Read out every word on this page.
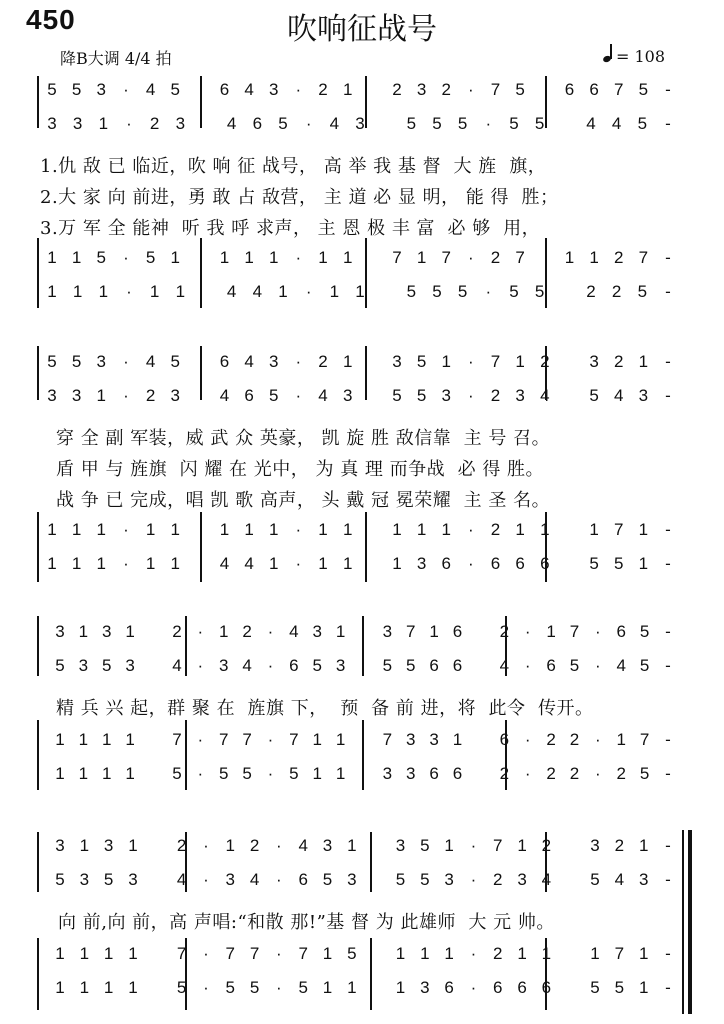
450	吹响征战号
降B大调 4/4 拍	= 108
5 5 3	·	4 5 6 4 3	·	2 1 2 3 2	·	7 5 6 6 7 5	-
3 3 1	·	2 3 4 6 5	·	4 3 5 5 5	·	5 5 4 4 5	-
1.仇 敌 已 临近，吹 响 征 战号， 高 举 我 基 督  大 旌  旗，
2.大 家 向 前进，勇 敢 占 敌营， 主 道 必 显 明， 能 得  胜；
3.万 军 全 能神  听 我 呼 求声， 主 恩 极 丰 富  必 够  用，
1 1 5	·	5 1 1 1 1	·	1 1 7 1 7	·	2 7 1 1 2 7	-
1 1 1	·	1 1 4 4 1	·	1 1 5 5 5	·	5 5 2 2 5	-
5 5 3	·	4 5 6 4 3	·	2 1 3 5 1	·	7 1 2 3 2 1	-
3 3 1	·	2 3 4 6 5	·	4 3 5 5 3	·	2 3 4 5 4 3	-
穿 全 副 军装，威 武 众 英豪， 凯 旋 胜 敌信靠  主 号 召。
盾 甲 与 旌旗  闪 耀 在 光中， 为 真 理 而争战  必 得 胜。
战 争 已 完成，唱 凯 歌 高声， 头 戴 冠 冕荣耀  主 圣 名。
1 1 1	·	1 1 1 1 1	·	1 1 1 1 1	·	2 1 1 1 7 1	-
1 1 1	·	1 1 4 4 1	·	1 1 1 3 6	·	6 6 6 5 5 1	-
3 1 3 1 2 · 1 2 · 4 3 1 3 7 1 6 2 · 1 7 · 6 5 -
5 3 5 3 4 · 3 4 · 6 5 3 5 5 6 6 4 · 6 5 · 4 5 -
精 兵 兴 起，群 聚 在  旌旗 下，  预  备 前 进，将  此令  传开。
1 1 1 1 7 · 7 7 · 7 1 1 7 3 3 1 6 · 2 2 · 1 7 -
1 1 1 1 5 · 5 5 · 5 1 1 3 3 6 6 2 · 2 2 · 2 5 -
3 1 3 1 2 · 1 2 · 4 3 1 3 5 1 · 7 1 2 3 2 1 -
5 3 5 3 4 · 3 4 · 6 5 3 5 5 3 · 2 3 4 5 4 3 -
向 前,向 前，高 声唱:“和散 那!”基 督 为 此雄师  大 元 帅。
1 1 1 1 7 · 7 7 · 7 1 5 1 1 1 · 2 1 1 1 7 1 -
1 1 1 1 5 · 5 5 · 5 1 1 1 3 6 · 6 6 6 5 5 1 -
